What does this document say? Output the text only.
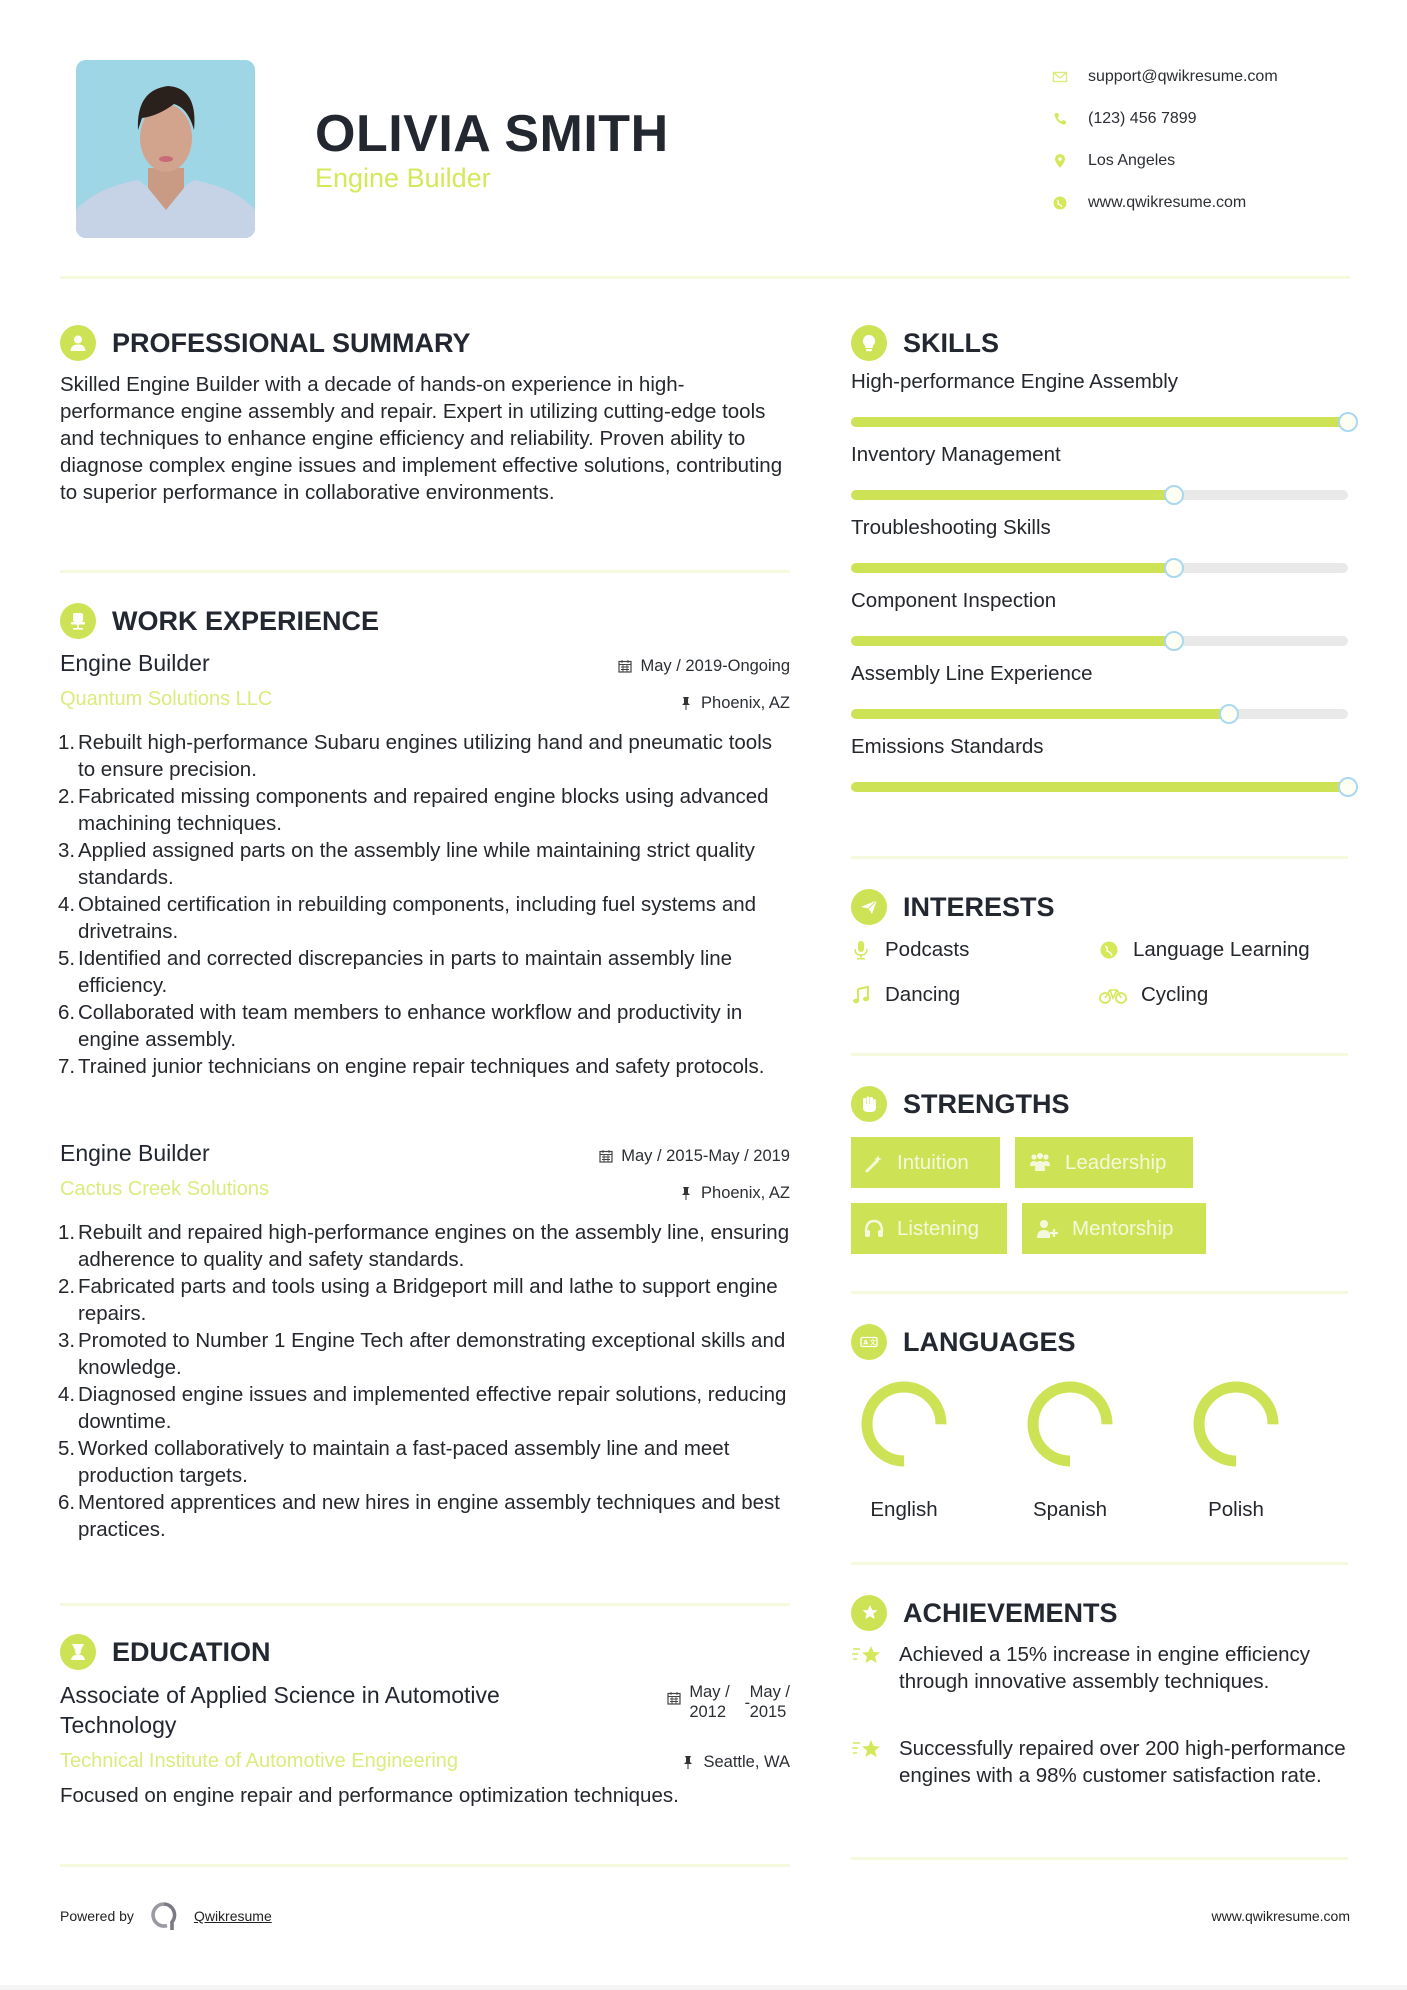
OLIVIA SMITH
Engine Builder
support@qwikresume.com
(123) 456 7899
Los Angeles
www.qwikresume.com
PROFESSIONAL SUMMARY

Skilled Engine Builder with a decade of hands-on experience in high-performance engine assembly and repair. Expert in utilizing cutting-edge tools and techniques to enhance engine efficiency and reliability. Proven ability to diagnose complex engine issues and implement effective solutions, contributing to superior performance in collaborative environments.

WORK EXPERIENCE
Engine Builder
Quantum Solutions LLC
May / 2019-Ongoing
Phoenix, AZ
1. Rebuilt high-performance Subaru engines utilizing hand and pneumatic tools to ensure precision.
2. Fabricated missing components and repaired engine blocks using advanced machining techniques.
3. Applied assigned parts on the assembly line while maintaining strict quality standards.
4. Obtained certification in rebuilding components, including fuel systems and drivetrains.
5. Identified and corrected discrepancies in parts to maintain assembly line efficiency.
6. Collaborated with team members to enhance workflow and productivity in engine assembly.
7. Trained junior technicians on engine repair techniques and safety protocols.
Engine Builder
Cactus Creek Solutions
May / 2015-May / 2019
Phoenix, AZ
1. Rebuilt and repaired high-performance engines on the assembly line, ensuring adherence to quality and safety standards.
2. Fabricated parts and tools using a Bridgeport mill and lathe to support engine repairs.
3. Promoted to Number 1 Engine Tech after demonstrating exceptional skills and knowledge.
4. Diagnosed engine issues and implemented effective repair solutions, reducing downtime.
5. Worked collaboratively to maintain a fast-paced assembly line and meet production targets.
6. Mentored apprentices and new hires in engine assembly techniques and best practices.
EDUCATION
Associate of Applied Science in Automotive
Technology
May /
2012 -
May /
2015
Technical Institute of Automotive Engineering	Seattle, WA

Focused on engine repair and performance optimization techniques.

SKILLS
High-performance Engine Assembly
Inventory Management
Troubleshooting Skills
Component Inspection
Assembly Line Experience
Emissions Standards
INTERESTS
Podcasts	Language Learning
Dancing	Cycling
STRENGTHS
Intuition	Leadership
Listening	Mentorship
A 文 LANGUAGES
English	Spanish	Polish
ACHIEVEMENTS

Achieved a 15% increase in engine efficiency through innovative assembly techniques.

Successfully repaired over 200 high-performance engines with a 98% customer satisfaction rate.

Powered by	Qwikresume	www.qwikresume.com
